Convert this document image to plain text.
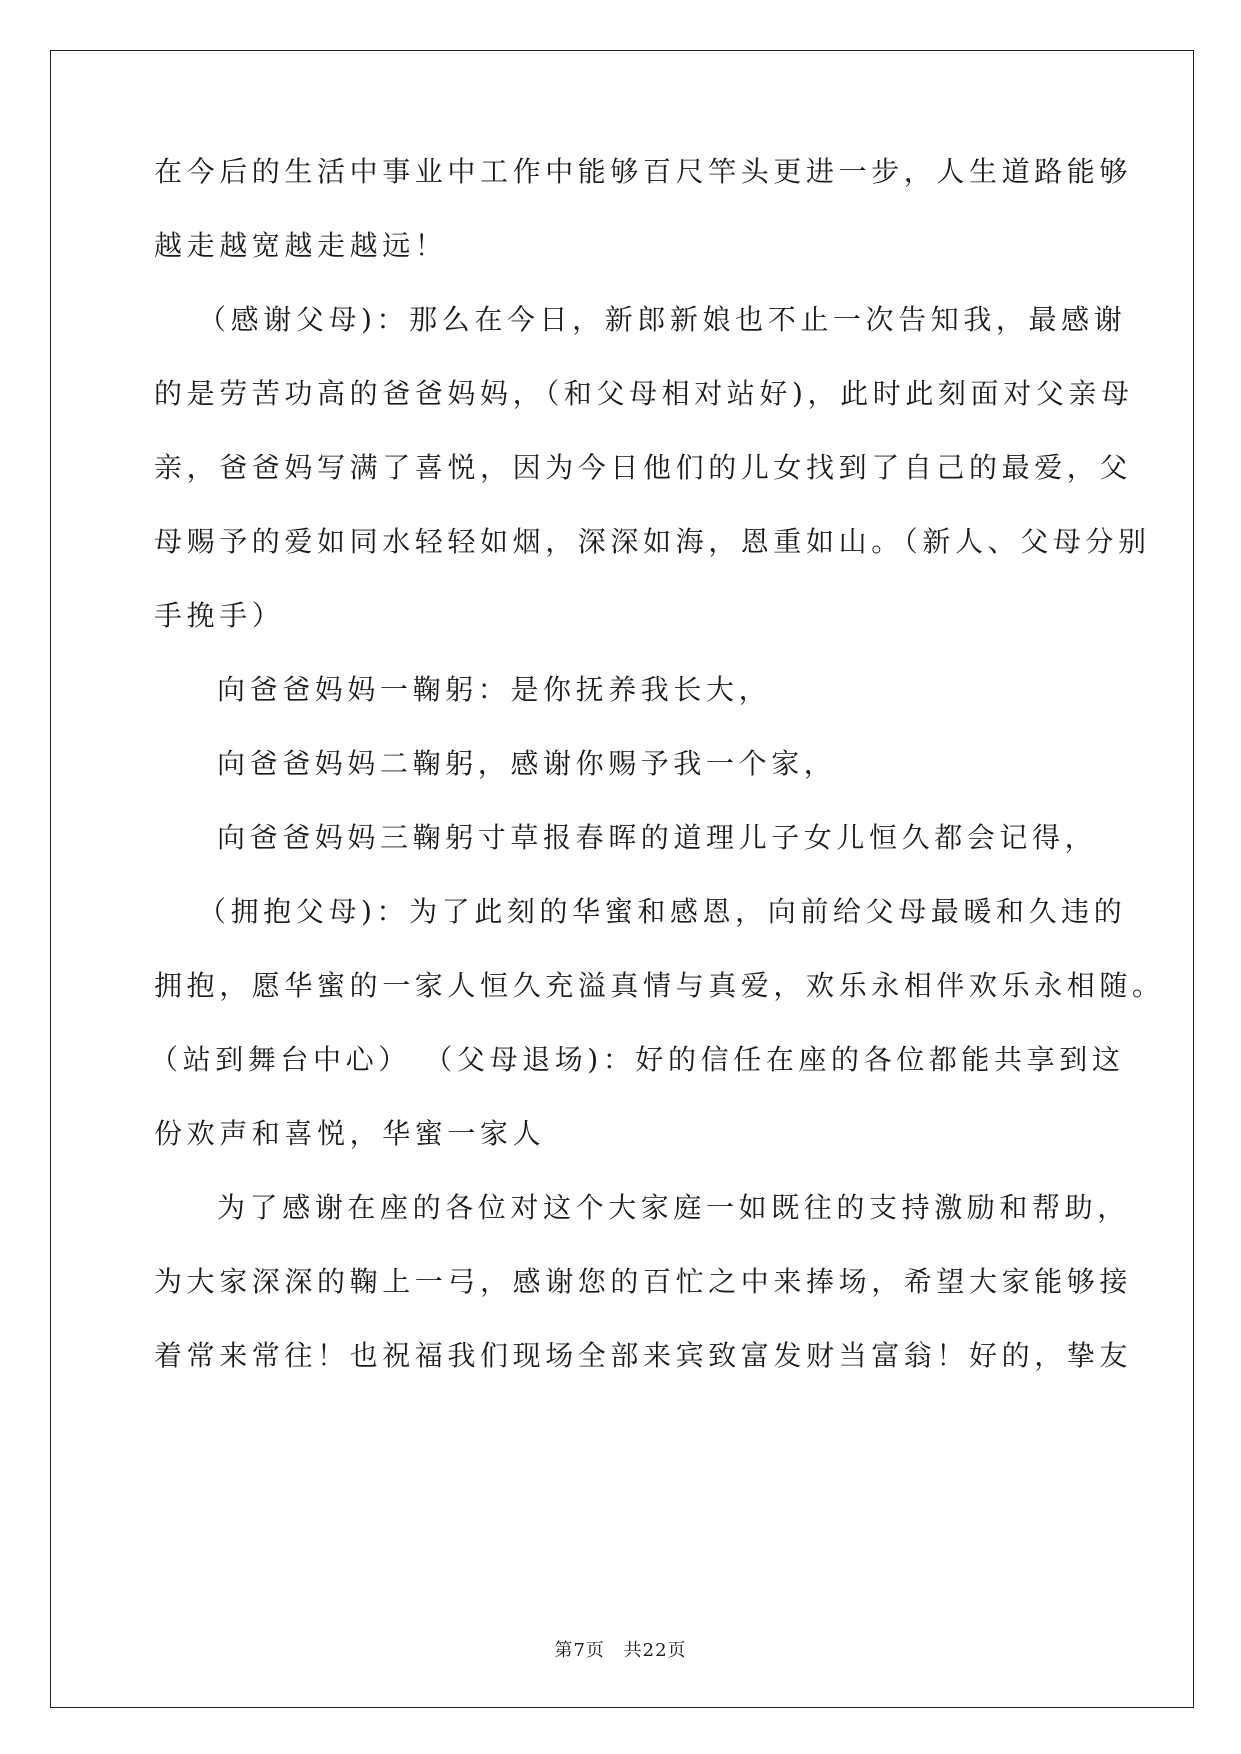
在今后的生活中事业中工作中能够百尺竿头更进一步，人生道路能够
越走越宽越走越远！
（感谢父母)：那么在今日，新郎新娘也不止一次告知我，最感谢
的是劳苦功高的爸爸妈妈，（和父母相对站好)，此时此刻面对父亲母
亲，爸爸妈写满了喜悦，因为今日他们的儿女找到了自己的最爱，父
母赐予的爱如同水轻轻如烟，深深如海，恩重如山。（新人、父母分别
手挽手）
向爸爸妈妈一鞠躬：是你抚养我长大，
向爸爸妈妈二鞠躬，感谢你赐予我一个家，
向爸爸妈妈三鞠躬寸草报春晖的道理儿子女儿恒久都会记得，
（拥抱父母)：为了此刻的华蜜和感恩，向前给父母最暖和久违的
拥抱，愿华蜜的一家人恒久充溢真情与真爱，欢乐永相伴欢乐永相随。
（站到舞台中心） （父母退场)：好的信任在座的各位都能共享到这
份欢声和喜悦，华蜜一家人
为了感谢在座的各位对这个大家庭一如既往的支持激励和帮助，
为大家深深的鞠上一弓，感谢您的百忙之中来捧场，希望大家能够接
着常来常往！也祝福我们现场全部来宾致富发财当富翁！好的，挚友
第7页 共22页
